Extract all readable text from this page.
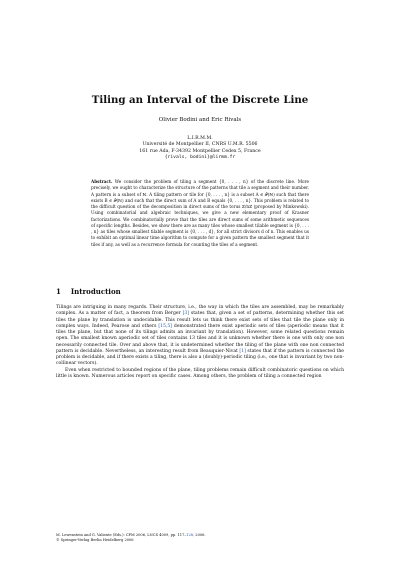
Tiling an Interval of the Discrete Line
Olivier Bodini and Eric Rivals
L.I.R.M.M.
Université de Montpellier II, CNRS U.M.R. 5506
161 rue Ada, F-34392 Montpellier Cedex 5, France
{rivals, bodini}@lirmm.fr
Abstract. We consider the problem of tiling a segment {0, . . . , n} of the discrete line. More precisely, we ought to characterize the structure of the patterns that tile a segment and their number. A pattern is a subset of ℕ. A tiling pattern or tile for {0, . . . , n} is a subset A ∈ 𝒫(ℕ) such that there exists B ∈ 𝒫(ℕ) and such that the direct sum of A and B equals {0, . . . , n}. This problem is related to the difficult question of the decomposition in direct sums of the torus ℤ/nℤ (proposed by Minkowski). Using combinatorial and algebraic techniques, we give a new elementary proof of Krasner factorizations. We combinatorially prove that the tiles are direct sums of some arithmetic sequences of specific lengths. Besides, we show there are as many tiles whose smallest tilable segment is {0, . . . , n} as tiles whose smallest tilable segment is {0, . . . , d}, for all strict divisors d of n. This enables us to exhibit an optimal linear time algorithm to compute for a given pattern the smallest segment that it tiles if any, as well as a recurrence formula for counting the tiles of a segment.
1 Introduction

Tilings are intriguing in many regards. Their structure, i.e., the way in which the tiles are assembled, may be remarkably complex. As a matter of fact, a theorem from Berger [3] states that, given a set of patterns, determining whether this set tiles the plane by translation is undecidable. This result lets us think there exist sets of tiles that tile the plane only in complex ways. Indeed, Pearose and others [15,5] demonstrated there exist aperiodic sets of tiles (aperiodic means that it tiles the plane, but that none of its tilings admits an invariant by translation). However, some related questions remain open. The smallest known aperiodic set of tiles contains 13 tiles and it is unknown whether there is one with only one non necessarily connected tile. Over and above that, it is undetermined whether the tiling of the plane with one non connected pattern is decidable. Nevertheless, an interesting result from Beauquier-Nivat [1] states that if the pattern is connected the problem is decidable, and if there exists a tiling, there is also a (doubly)-periodic tiling (i.e., one that is invariant by two non-collinear vectors).

Even when restricted to bounded regions of the plane, tiling problems remain difficult combinatoric questions on which little is known. Numerous articles report on specific cases. Among others, the problem of tiling a connected region

M. Lewenstein and G. Valiente (Eds.): CPM 2006, LNCS 4009, pp. 117–128, 2006.
© Springer-Verlag Berlin Heidelberg 2006
